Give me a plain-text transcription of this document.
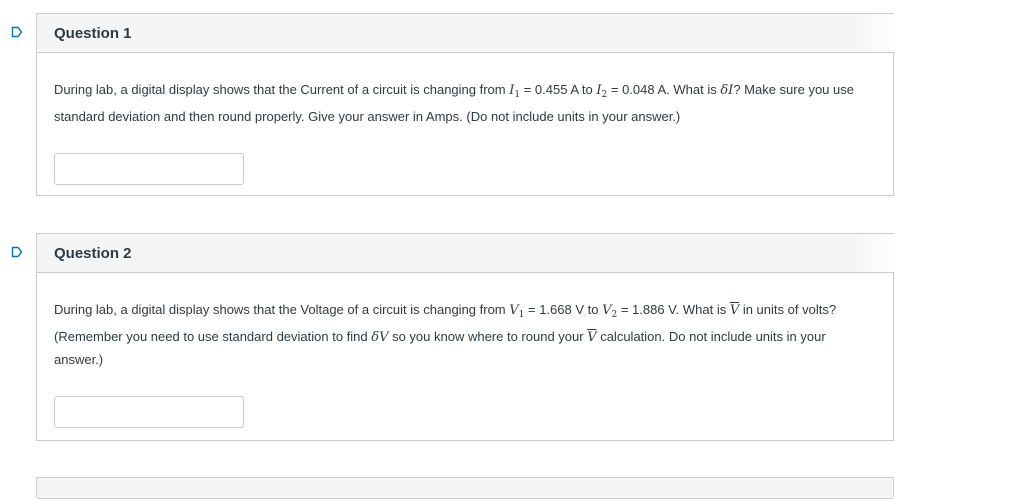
Question 1

During lab, a digital display shows that the Current of a circuit is changing from $I_1 = 0.455$ A to $I_2 = 0.048$ A. What is δI? Make sure you use standard deviation and then round properly. Give your answer in Amps. (Do not include units in your answer.)

Question 2

During lab, a digital display shows that the Voltage of a circuit is changing from $V_1 = 1.668$ V to $V_2 = 1.886$ V. What is $\overline{V}$ in units of volts? (Remember you need to use standard deviation to find δV so you know where to round your $\overline{V}$ calculation. Do not include units in your answer.)
